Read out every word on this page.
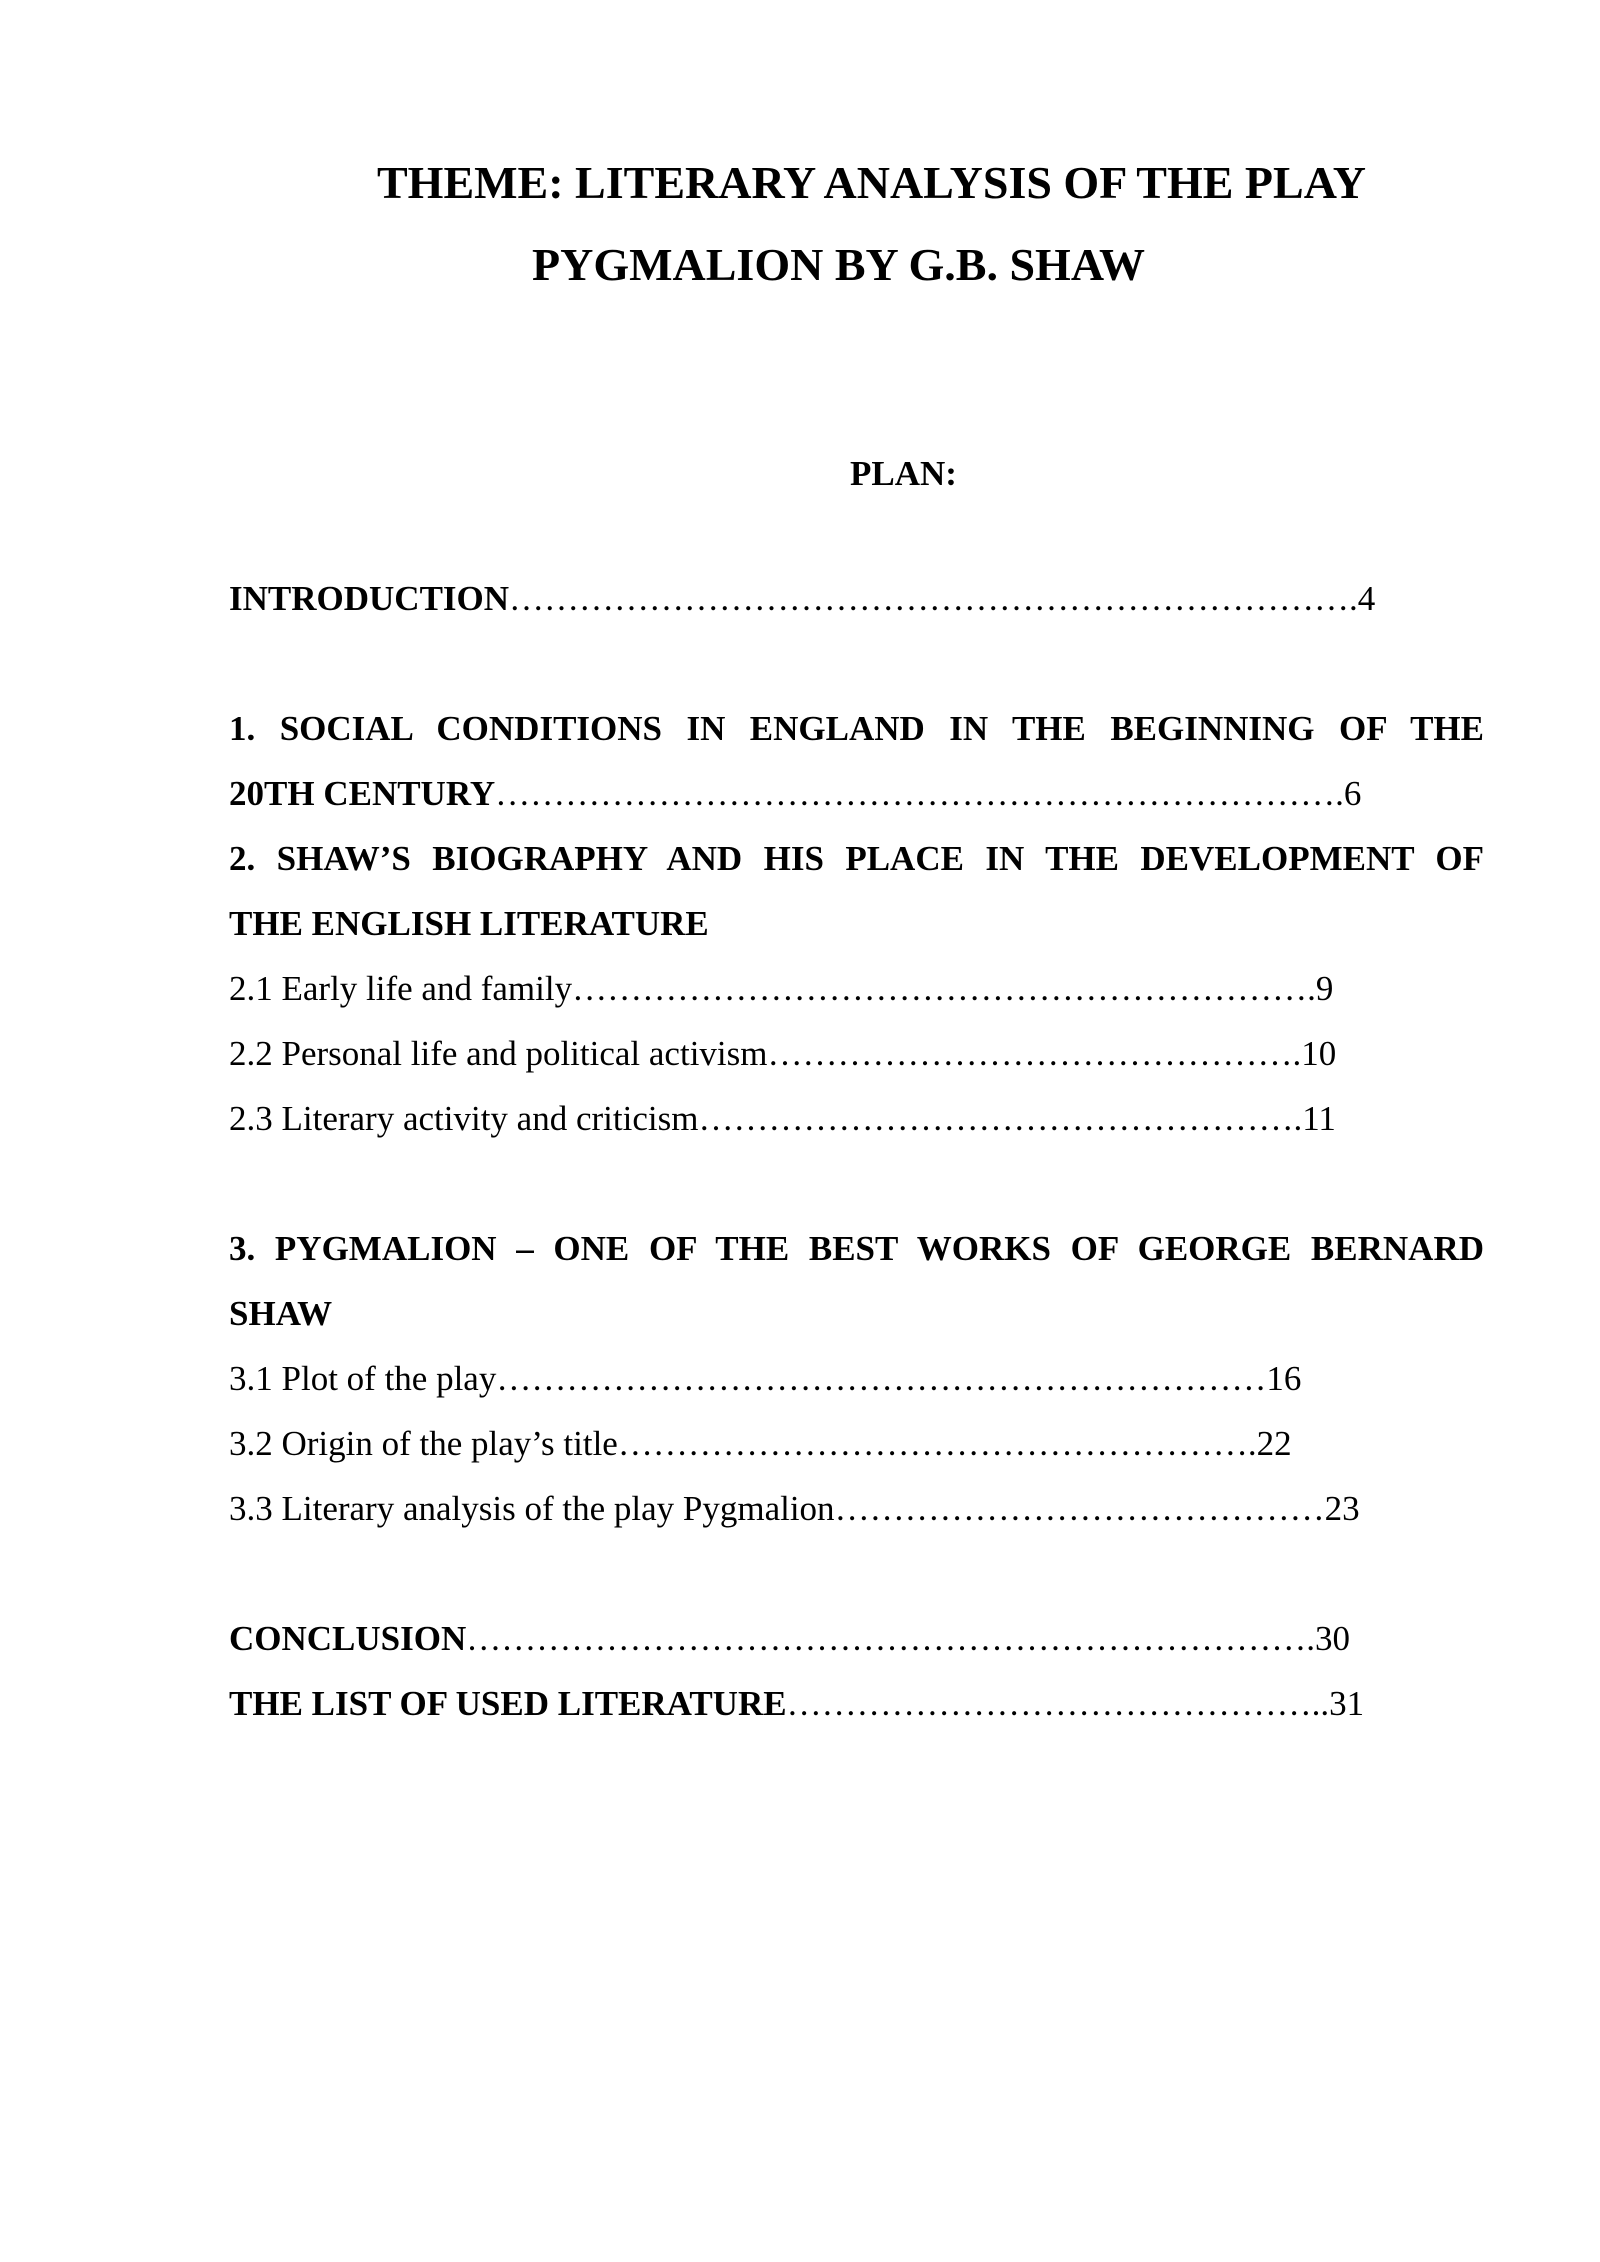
THEME: LITERARY ANALYSIS OF THE PLAY
PYGMALION BY G.B. SHAW
PLAN:
INTRODUCTION……………………………………………………………….4
1. SOCIAL CONDITIONS IN ENGLAND IN THE BEGINNING OF THE
20TH CENTURY……………………………………………………………….6
2. SHAW’S BIOGRAPHY AND HIS PLACE IN THE DEVELOPMENT OF
THE ENGLISH LITERATURE
2.1 Early life and family……………………………………………………….9
2.2 Personal life and political activism……………………………………….10
2.3 Literary activity and criticism…………………………………………….11
3. PYGMALION – ONE OF THE BEST WORKS OF GEORGE BERNARD
SHAW
3.1 Plot of the play…………………………………………………………16
3.2 Origin of the play’s title……………………………………………….22
3.3 Literary analysis of the play Pygmalion……………………………………23
CONCLUSION……………………………………………………………….30
THE LIST OF USED LITERATURE………………………………………..31
